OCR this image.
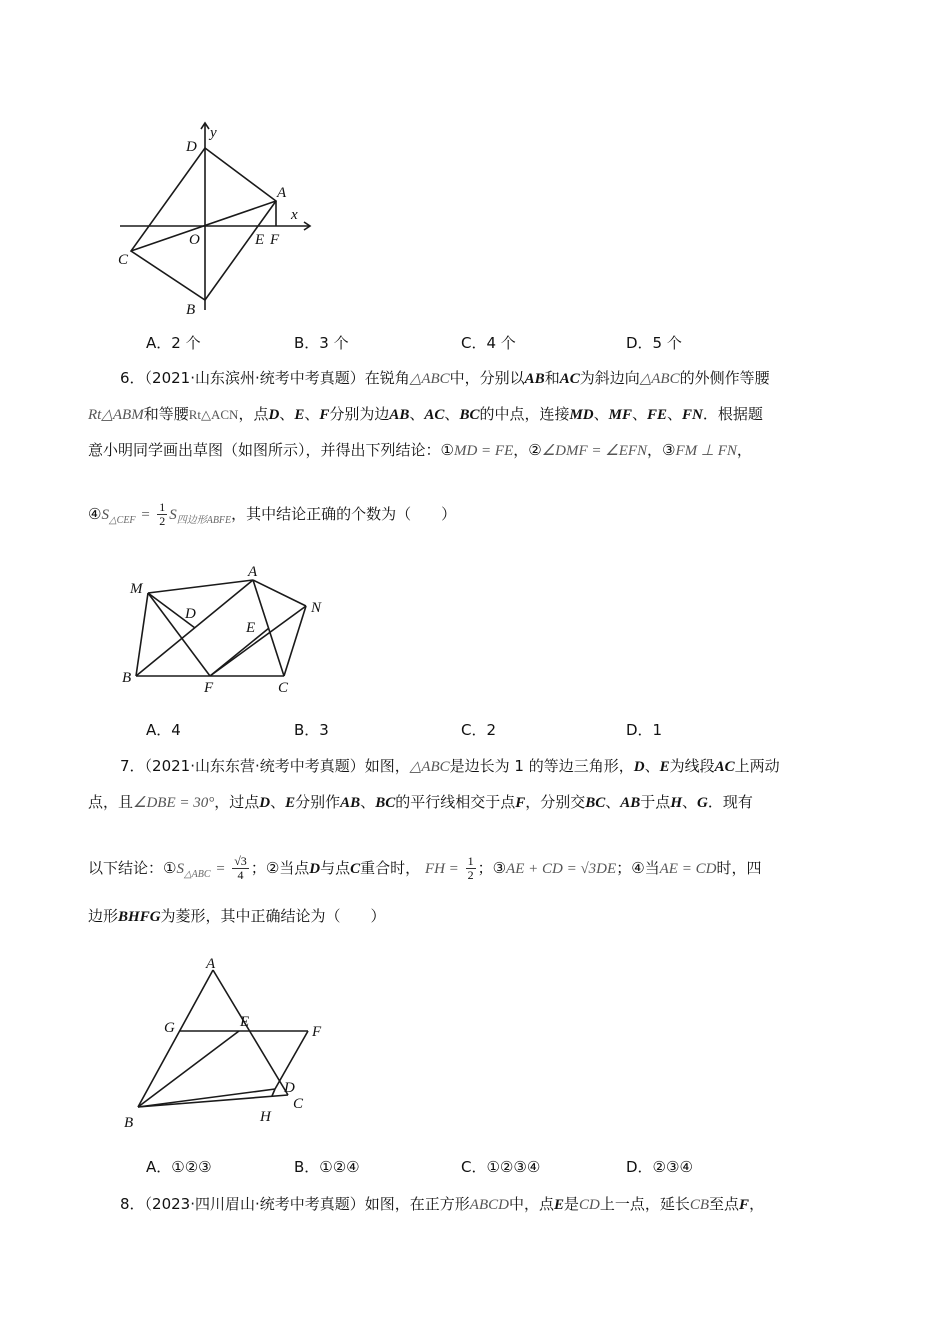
y
x
D
A
O	E F
C
B
A．2 个	B．3 个	C．4 个	D．5 个
6．（2021·山东滨州·统考中考真题）在锐角△ABC中，分别以AB和AC为斜边向△ABC的外侧作等腰
Rt△ABM和等腰Rt△ACN，点D、E、F分别为边AB、AC、BC的中点，连接MD、MF、FE、FN．根据题
意小明同学画出草图（如图所示），并得出下列结论：①MD = FE，②∠DMF = ∠EFN，③FM ⊥ FN，
$④S_{\triangle CEF} = \frac{1}{2} S_{四边形ABFE}$，其中结论正确的个数为（　　）
M
A
N
D
E
B
F	C
A．4	B．3	C．2	D．1
7．（2021·山东东营·统考中考真题）如图，△ABC是边长为 1 的等边三角形，D、E为线段AC上两动
点，且∠DBE = 30°，过点D、E分别作AB、BC的平行线相交于点F，分别交BC、AB于点H、G．现有
以下结论：$①S_{\triangle ABC} = \frac{√3}{4}$ ；②当点D与点C重合时， FH = $\frac{1}{2}$ ；③AE + CD = √3DE；④当AE = CD时，四
边形BHFG为菱形，其中正确结论为（　　）
A
G	E
F
D
C
B	H
A．①②③	B．①②④	C．①②③④	D．②③④
8．（2023·四川眉山·统考中考真题）如图，在正方形ABCD中，点E是CD上一点，延长CB至点F，
